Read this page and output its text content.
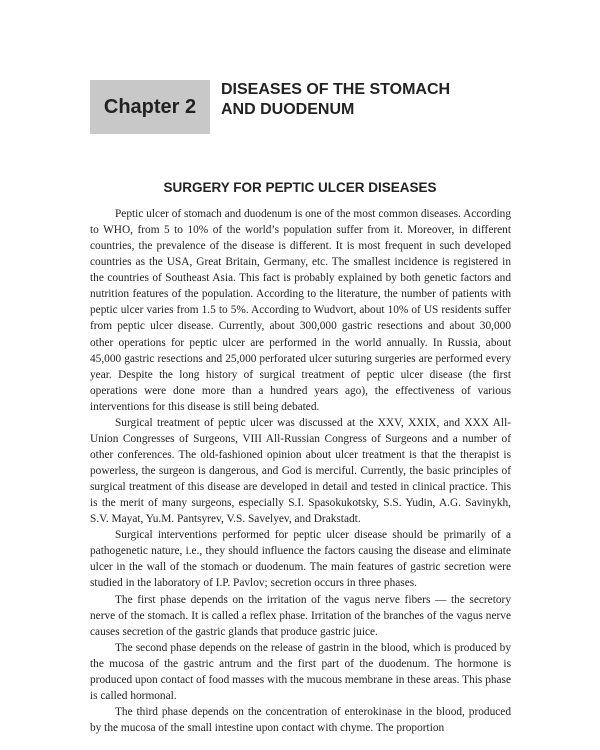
Chapter 2
DISEASES OF THE STOMACH
AND DUODENUM
SURGERY FOR PEPTIC ULCER DISEASES

Peptic ulcer of stomach and duodenum is one of the most common diseases. According to WHO, from 5 to 10% of the world’s population suffer from it. Moreover, in different countries, the prevalence of the disease is different. It is most frequent in such developed countries as the USA, Great Britain, Germany, etc. The smallest incidence is registered in the countries of Southeast Asia. This fact is probably explained by both genetic factors and nutrition features of the population. According to the literature, the number of patients with peptic ulcer varies from 1.5 to 5%. According to Wudvort, about 10% of US residents suffer from peptic ulcer disease. Currently, about 300,000 gastric resections and about 30,000 other operations for peptic ulcer are performed in the world annually. In Russia, about 45,000 gastric resections and 25,000 perforated ulcer suturing surgeries are performed every year. Despite the long history of surgical treatment of peptic ulcer disease (the first operations were done more than a hundred years ago), the effectiveness of various interventions for this disease is still being debated.

Surgical treatment of peptic ulcer was discussed at the XXV, XXIX, and XXX All-Union Congresses of Surgeons, VIII All-Russian Congress of Surgeons and a number of other conferences. The old-fashioned opinion about ulcer treatment is that the therapist is powerless, the surgeon is dangerous, and God is merciful. Currently, the basic principles of surgical treatment of this disease are developed in detail and tested in clinical practice. This is the merit of many surgeons, especially S.I. Spasokukotsky, S.S. Yudin, A.G. Savinykh, S.V. Mayat, Yu.M. Pantsyrev, V.S. Savelyev, and Drakstadt.

Surgical interventions performed for peptic ulcer disease should be primarily of a pathogenetic nature, i.e., they should influence the factors causing the disease and eliminate ulcer in the wall of the stomach or duodenum. The main features of gastric secretion were studied in the laboratory of I.P. Pavlov; secretion occurs in three phases.

The first phase depends on the irritation of the vagus nerve fibers — the secretory nerve of the stomach. It is called a reflex phase. Irritation of the branches of the vagus nerve causes secretion of the gastric glands that produce gastric juice.

The second phase depends on the release of gastrin in the blood, which is produced by the mucosa of the gastric antrum and the first part of the duodenum. The hormone is produced upon contact of food masses with the mucous membrane in these areas. This phase is called hormonal.

The third phase depends on the concentration of enterokinase in the blood, produced by the mucosa of the small intestine upon contact with chyme. The proportion
